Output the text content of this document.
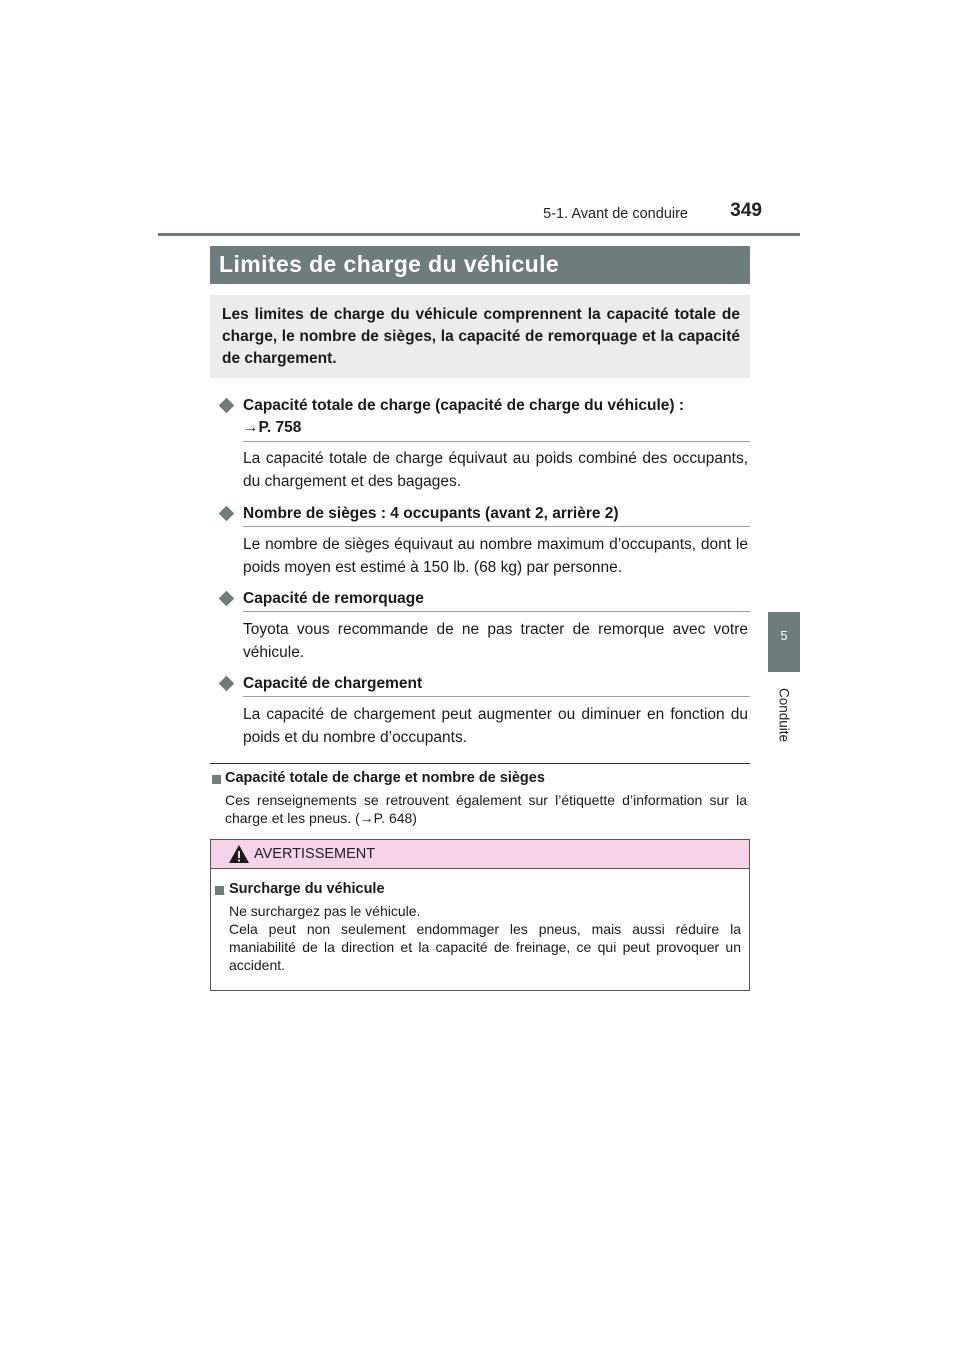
5-1. Avant de conduire	349
5
Conduite
Limites de charge du véhicule
Les limites de charge du véhicule comprennent la capacité totale de charge, le nombre de sièges, la capacité de remorquage et la capacité de chargement.
Capacité totale de charge (capacité de charge du véhicule) :
→P. 758
La capacité totale de charge équivaut au poids combiné des occupants, du chargement et des bagages.
Nombre de sièges : 4 occupants (avant 2, arrière 2)
Le nombre de sièges équivaut au nombre maximum d’occupants, dont le poids moyen est estimé à 150 lb. (68 kg) par personne.
Capacité de remorquage
Toyota vous recommande de ne pas tracter de remorque avec votre véhicule.
Capacité de chargement
La capacité de chargement peut augmenter ou diminuer en fonction du poids et du nombre d’occupants.
Capacité totale de charge et nombre de sièges
Ces renseignements se retrouvent également sur l’étiquette d’information sur la charge et les pneus. (→P. 648)
AVERTISSEMENT
Surcharge du véhicule
Ne surchargez pas le véhicule.
Cela peut non seulement endommager les pneus, mais aussi réduire la maniabilité de la direction et la capacité de freinage, ce qui peut provoquer un accident.
